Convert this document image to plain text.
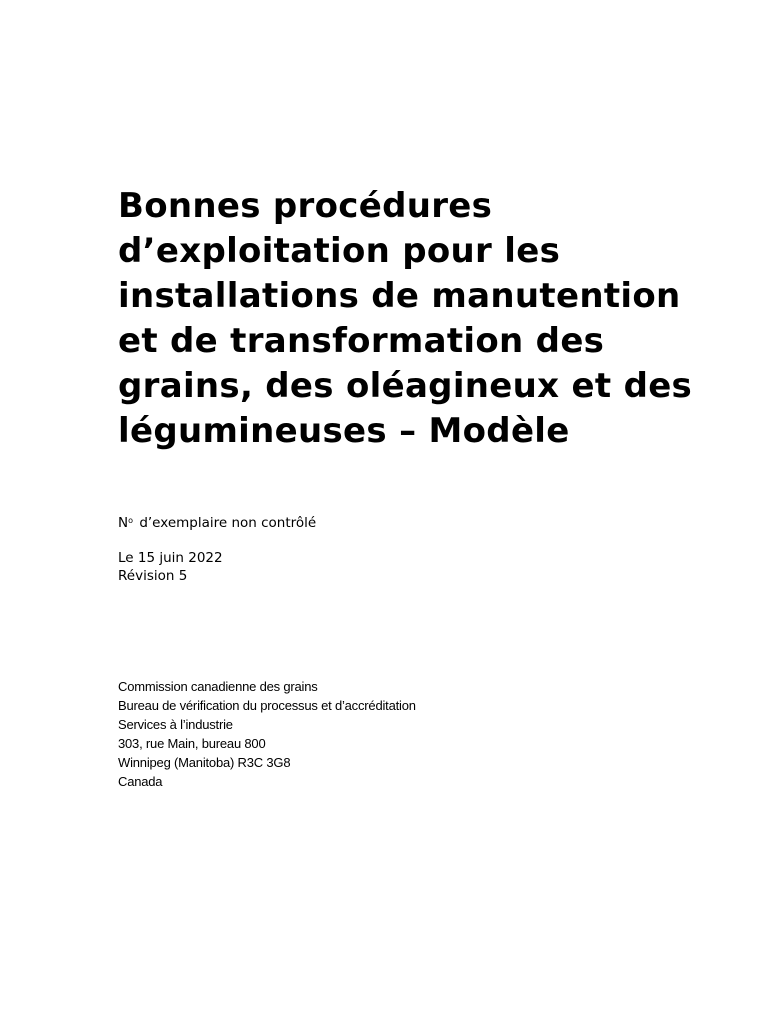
Bonnes procédures
d’exploitation pour les
installations de manutention
et de transformation des
grains, des oléagineux et des
légumineuses – Modèle
$N^o$ d’exemplaire non contrôlé
Le 15 juin 2022
Révision 5
Commission canadienne des grains
Bureau de vérification du processus et d’accréditation
Services à l’industrie
303, rue Main, bureau 800
Winnipeg (Manitoba) R3C 3G8
Canada
